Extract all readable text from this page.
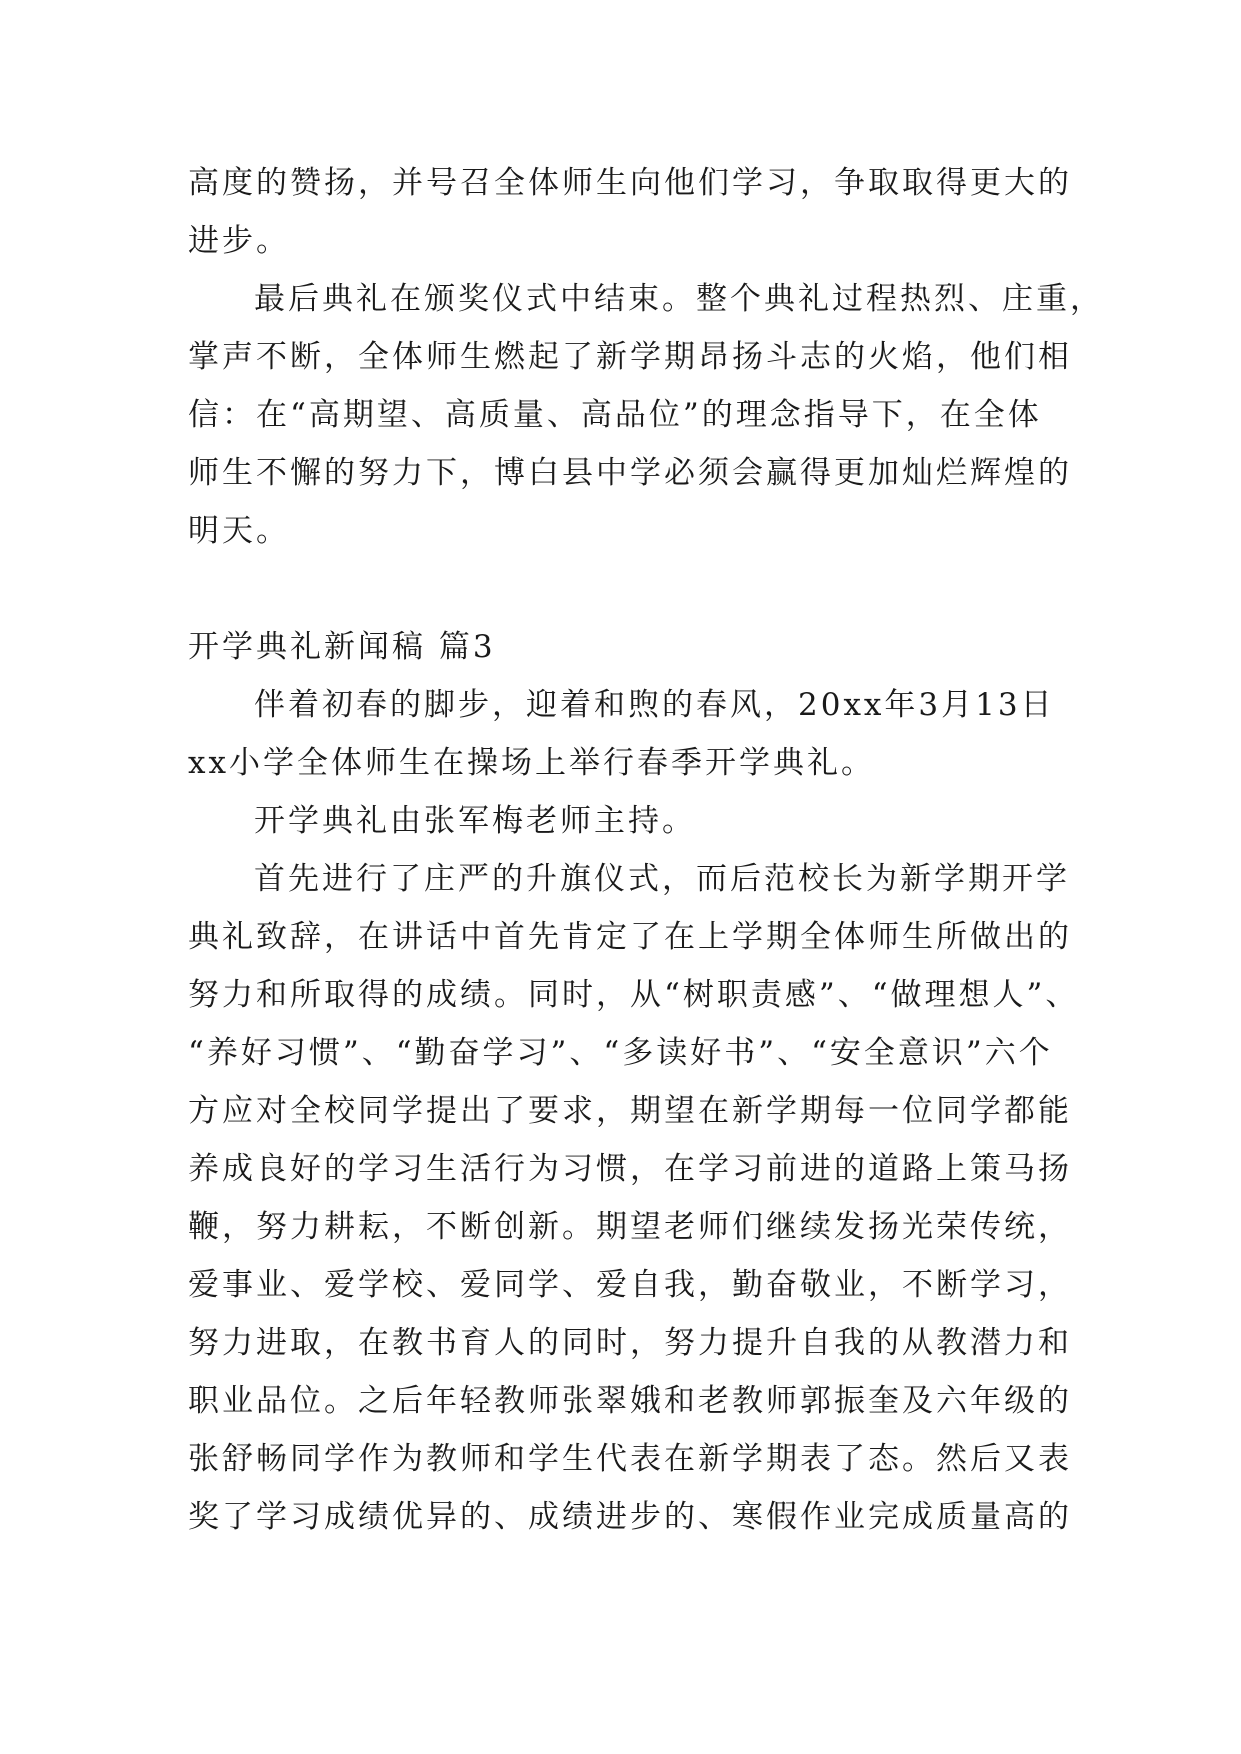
高度的赞扬，并号召全体师生向他们学习，争取取得更大的
进步。
最后典礼在颁奖仪式中结束。整个典礼过程热烈、庄重，
掌声不断，全体师生燃起了新学期昂扬斗志的火焰，他们相
信：在“高期望、高质量、高品位”的理念指导下，在全体
师生不懈的努力下，博白县中学必须会赢得更加灿烂辉煌的
明天。
开学典礼新闻稿 篇3
伴着初春的脚步，迎着和煦的春风，20xx年3月13日
xx小学全体师生在操场上举行春季开学典礼。
开学典礼由张军梅老师主持。
首先进行了庄严的升旗仪式，而后范校长为新学期开学
典礼致辞，在讲话中首先肯定了在上学期全体师生所做出的
努力和所取得的成绩。同时，从“树职责感”、“做理想人”、
“养好习惯”、“勤奋学习”、“多读好书”、“安全意识”六个
方应对全校同学提出了要求，期望在新学期每一位同学都能
养成良好的学习生活行为习惯，在学习前进的道路上策马扬
鞭，努力耕耘，不断创新。期望老师们继续发扬光荣传统，
爱事业、爱学校、爱同学、爱自我，勤奋敬业，不断学习，
努力进取，在教书育人的同时，努力提升自我的从教潜力和
职业品位。之后年轻教师张翠娥和老教师郭振奎及六年级的
张舒畅同学作为教师和学生代表在新学期表了态。然后又表
奖了学习成绩优异的、成绩进步的、寒假作业完成质量高的
